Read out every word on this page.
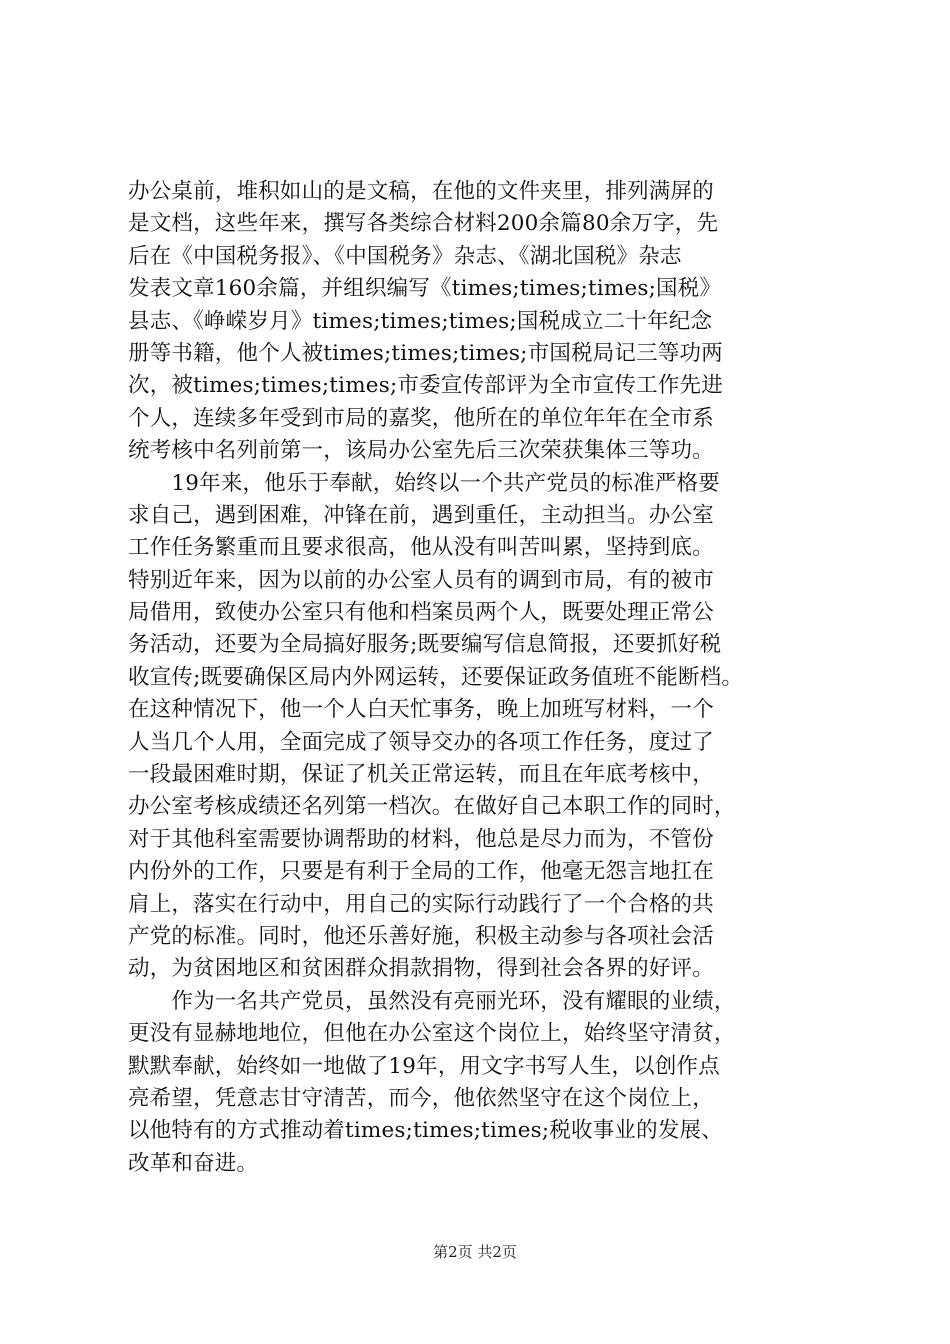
办公桌前，堆积如山的是文稿，在他的文件夹里，排列满屏的
是文档，这些年来，撰写各类综合材料200余篇80余万字，先
后在《中国税务报》、《中国税务》杂志、《湖北国税》杂志
发表文章160余篇，并组织编写《times;times;times;国税》
县志、《峥嵘岁月》times;times;times;国税成立二十年纪念
册等书籍，他个人被times;times;times;市国税局记三等功两
次，被times;times;times;市委宣传部评为全市宣传工作先进
个人，连续多年受到市局的嘉奖，他所在的单位年年在全市系
统考核中名列前第一，该局办公室先后三次荣获集体三等功。
　　19年来，他乐于奉献，始终以一个共产党员的标准严格要
求自己，遇到困难，冲锋在前，遇到重任，主动担当。办公室
工作任务繁重而且要求很高，他从没有叫苦叫累，坚持到底。
特别近年来，因为以前的办公室人员有的调到市局，有的被市
局借用，致使办公室只有他和档案员两个人，既要处理正常公
务活动，还要为全局搞好服务;既要编写信息简报，还要抓好税
收宣传;既要确保区局内外网运转，还要保证政务值班不能断档。
在这种情况下，他一个人白天忙事务，晚上加班写材料，一个
人当几个人用，全面完成了领导交办的各项工作任务，度过了
一段最困难时期，保证了机关正常运转，而且在年底考核中，
办公室考核成绩还名列第一档次。在做好自己本职工作的同时，
对于其他科室需要协调帮助的材料，他总是尽力而为，不管份
内份外的工作，只要是有利于全局的工作，他毫无怨言地扛在
肩上，落实在行动中，用自己的实际行动践行了一个合格的共
产党的标准。同时，他还乐善好施，积极主动参与各项社会活
动，为贫困地区和贫困群众捐款捐物，得到社会各界的好评。
　　作为一名共产党员，虽然没有亮丽光环，没有耀眼的业绩，
更没有显赫地地位，但他在办公室这个岗位上，始终坚守清贫，
默默奉献，始终如一地做了19年，用文字书写人生，以创作点
亮希望，凭意志甘守清苦，而今，他依然坚守在这个岗位上，
以他特有的方式推动着times;times;times;税收事业的发展、
改革和奋进。
第2页 共2页
